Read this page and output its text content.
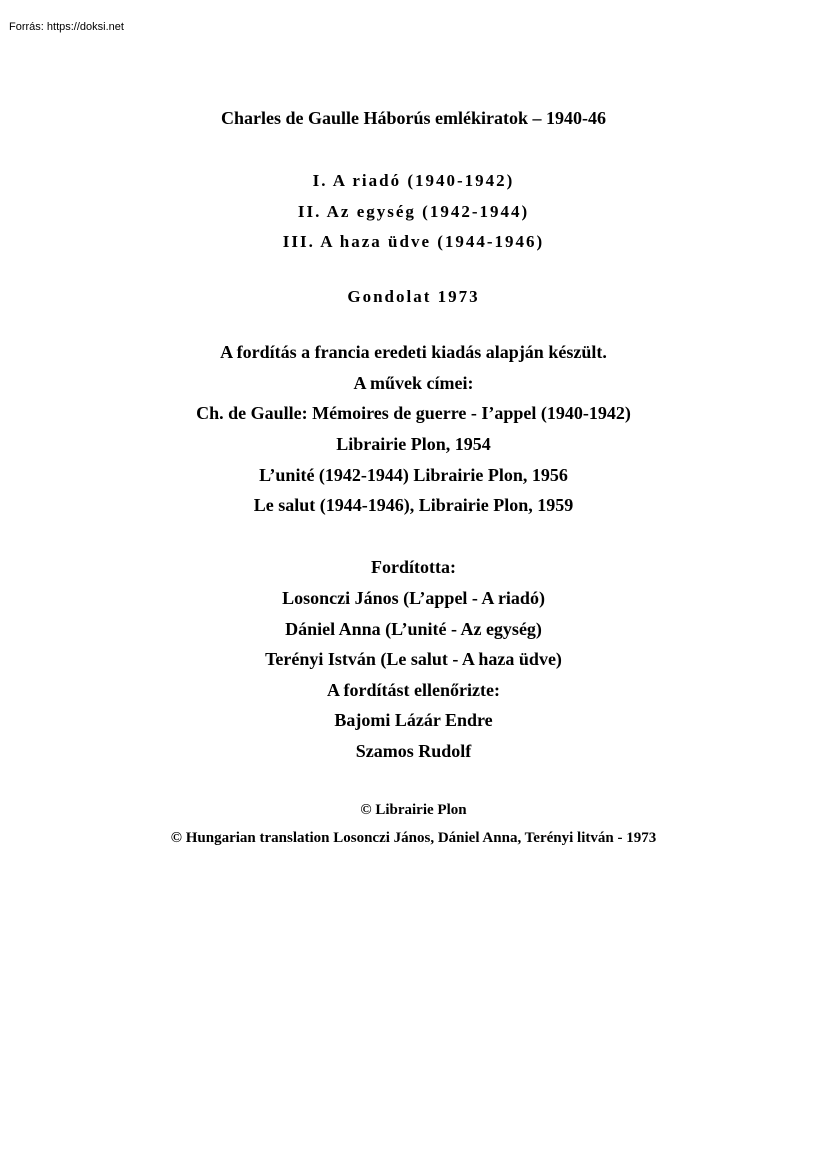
Forrás: https://doksi.net
Charles de Gaulle Háborús emlékiratok – 1940-46
I. A riadó (1940-1942)
II. Az egység (1942-1944)
III. A haza üdve (1944-1946)
Gondolat 1973
A fordítás a francia eredeti kiadás alapján készült.
A művek címei:
Ch. de Gaulle: Mémoires de guerre - I’appel (1940-1942)
Librairie Plon, 1954
L’unité (1942-1944) Librairie Plon, 1956
Le salut (1944-1946), Librairie Plon, 1959
Fordította:
Losonczi János (L’appel - A riadó)
Dániel Anna (L’unité - Az egység)
Terényi István (Le salut - A haza üdve)
A fordítást ellenőrizte:
Bajomi Lázár Endre
Szamos Rudolf
© Librairie Plon
© Hungarian translation Losonczi János, Dániel Anna, Terényi litván - 1973
